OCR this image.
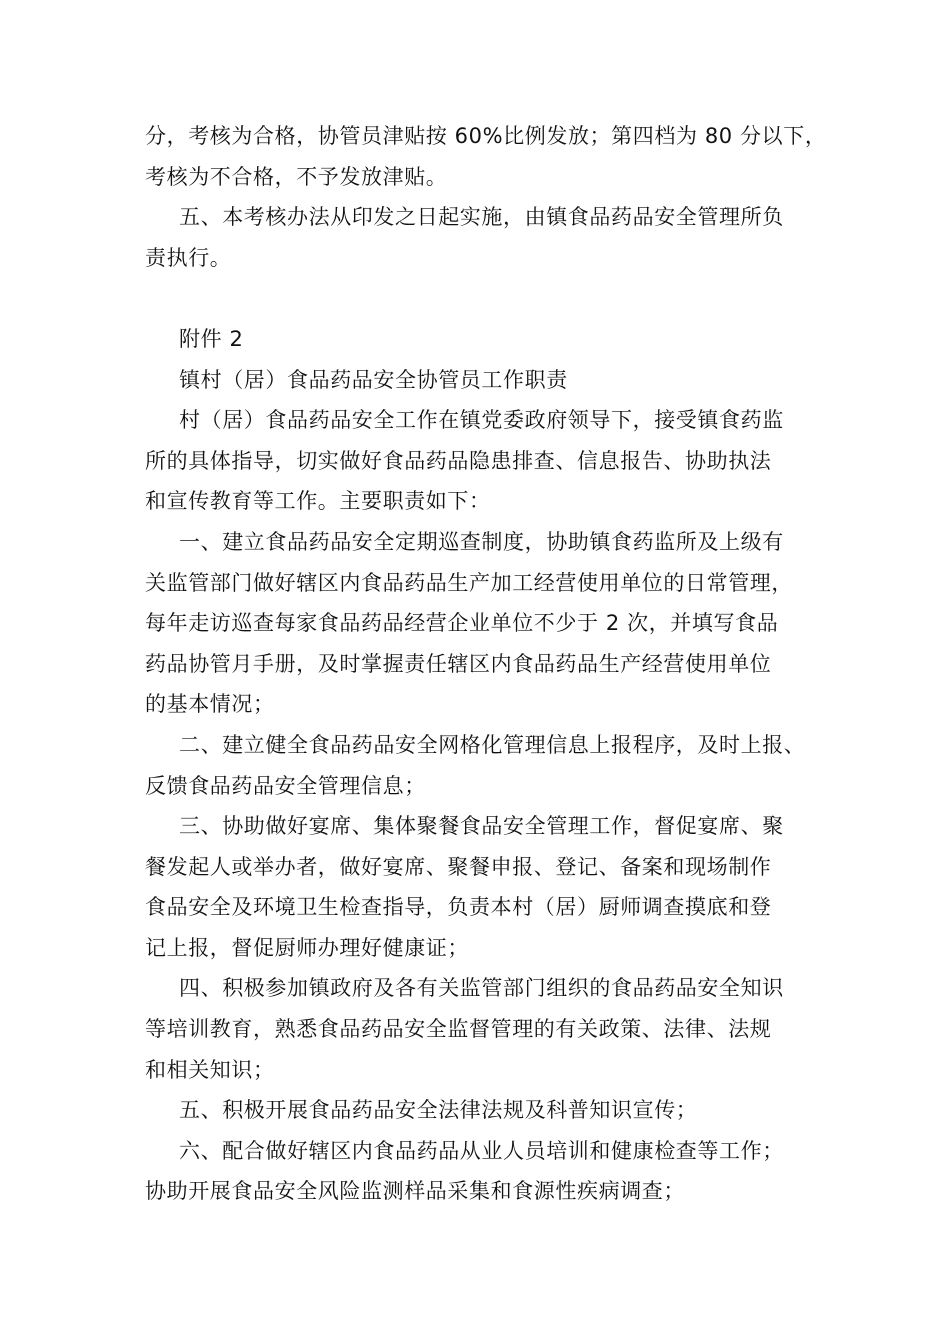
分，考核为合格，协管员津贴按 60%比例发放；第四档为 80 分以下，
考核为不合格，不予发放津贴。
五、本考核办法从印发之日起实施，由镇食品药品安全管理所负
责执行。
附件 2
镇村（居）食品药品安全协管员工作职责
村（居）食品药品安全工作在镇党委政府领导下，接受镇食药监
所的具体指导，切实做好食品药品隐患排查、信息报告、协助执法
和宣传教育等工作。主要职责如下：
一、建立食品药品安全定期巡查制度，协助镇食药监所及上级有
关监管部门做好辖区内食品药品生产加工经营使用单位的日常管理，
每年走访巡查每家食品药品经营企业单位不少于 2 次，并填写食品
药品协管月手册，及时掌握责任辖区内食品药品生产经营使用单位
的基本情况；
二、建立健全食品药品安全网格化管理信息上报程序，及时上报、
反馈食品药品安全管理信息；
三、协助做好宴席、集体聚餐食品安全管理工作，督促宴席、聚
餐发起人或举办者，做好宴席、聚餐申报、登记、备案和现场制作
食品安全及环境卫生检查指导，负责本村（居）厨师调查摸底和登
记上报，督促厨师办理好健康证；
四、积极参加镇政府及各有关监管部门组织的食品药品安全知识
等培训教育，熟悉食品药品安全监督管理的有关政策、法律、法规
和相关知识；
五、积极开展食品药品安全法律法规及科普知识宣传；
六、配合做好辖区内食品药品从业人员培训和健康检查等工作；
协助开展食品安全风险监测样品采集和食源性疾病调查；
